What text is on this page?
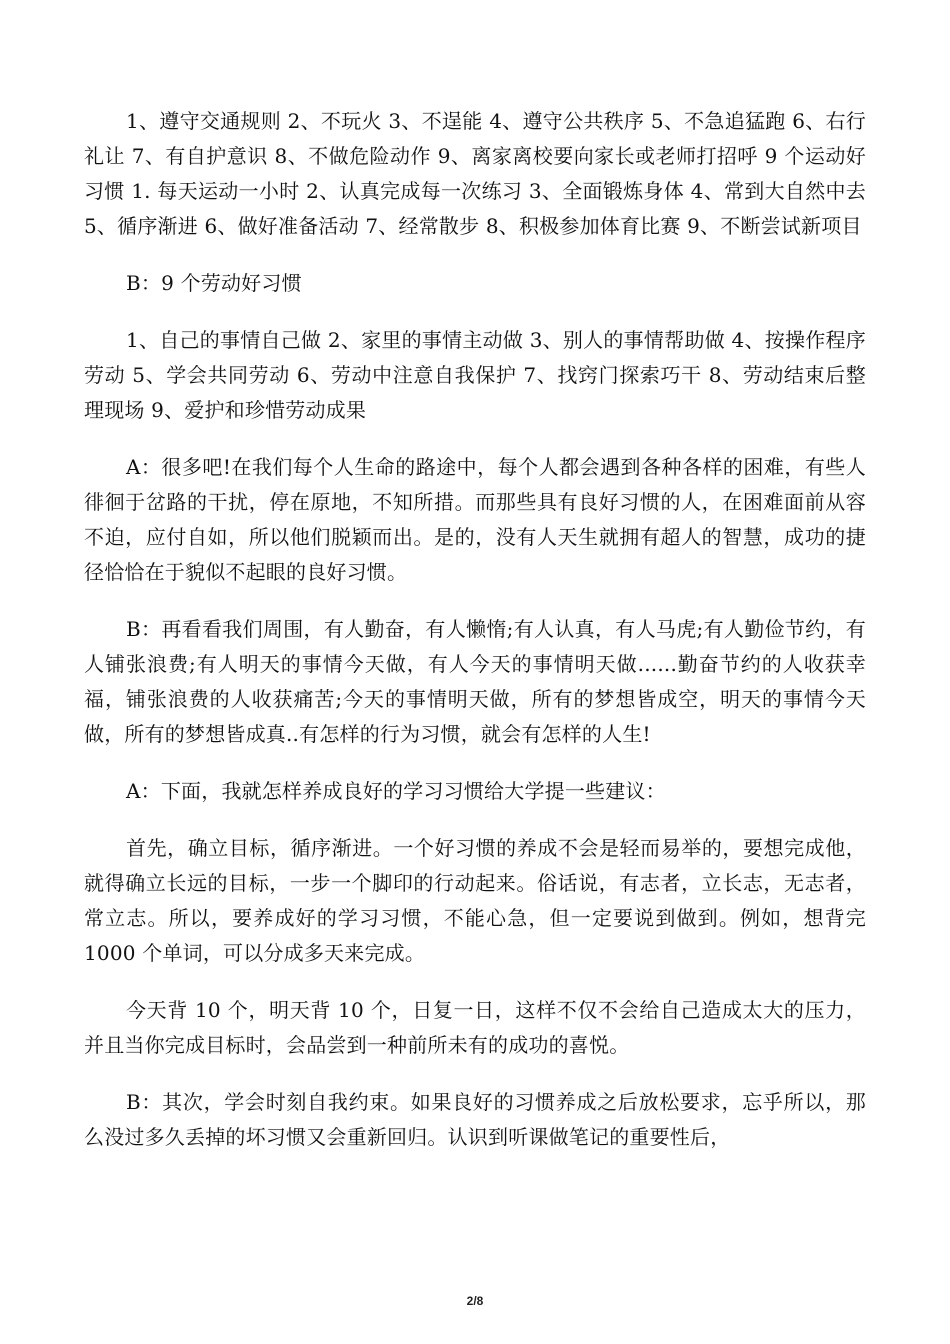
1、遵守交通规则 2、不玩火 3、不逞能 4、遵守公共秩序 5、不急追猛跑 6、右行礼让 7、有自护意识 8、不做危险动作 9、离家离校要向家长或老师打招呼 9 个运动好习惯 1. 每天运动一小时 2、认真完成每一次练习 3、全面锻炼身体 4、常到大自然中去 5、循序渐进 6、做好准备活动 7、经常散步 8、积极参加体育比赛 9、不断尝试新项目

B：9 个劳动好习惯

1、自己的事情自己做 2、家里的事情主动做 3、别人的事情帮助做 4、按操作程序劳动 5、学会共同劳动 6、劳动中注意自我保护 7、找窍门探索巧干 8、劳动结束后整理现场 9、爱护和珍惜劳动成果

A：很多吧!在我们每个人生命的路途中，每个人都会遇到各种各样的困难，有些人徘徊于岔路的干扰，停在原地，不知所措。而那些具有良好习惯的人，在困难面前从容不迫，应付自如，所以他们脱颖而出。是的，没有人天生就拥有超人的智慧，成功的捷径恰恰在于貌似不起眼的良好习惯。

B：再看看我们周围，有人勤奋，有人懒惰;有人认真，有人马虎;有人勤俭节约，有人铺张浪费;有人明天的事情今天做，有人今天的事情明天做......勤奋节约的人收获幸福，铺张浪费的人收获痛苦;今天的事情明天做，所有的梦想皆成空，明天的事情今天做，所有的梦想皆成真..有怎样的行为习惯，就会有怎样的人生!

A：下面，我就怎样养成良好的学习习惯给大学提一些建议：

首先，确立目标，循序渐进。一个好习惯的养成不会是轻而易举的，要想完成他，就得确立长远的目标，一步一个脚印的行动起来。俗话说，有志者，立长志，无志者，常立志。所以，要养成好的学习习惯，不能心急，但一定要说到做到。例如，想背完 1000 个单词，可以分成多天来完成。

今天背 10 个，明天背 10 个，日复一日，这样不仅不会给自己造成太大的压力，并且当你完成目标时，会品尝到一种前所未有的成功的喜悦。

B：其次，学会时刻自我约束。如果良好的习惯养成之后放松要求，忘乎所以，那么没过多久丢掉的坏习惯又会重新回归。认识到听课做笔记的重要性后，

2/8
